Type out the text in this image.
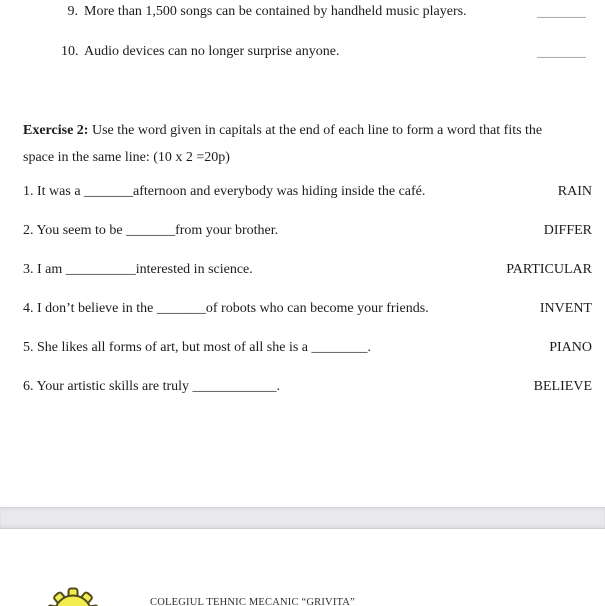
9. More than 1,500 songs can be contained by handheld music players.	_______
10. Audio devices can no longer surprise anyone.	_______
Exercise 2: Use the word given in capitals at the end of each line to form a word that fits the
space in the same line: (10 x 2 =20p)
1. It was a _______afternoon and everybody was hiding inside the café.	RAIN
2. You seem to be _______from your brother.	DIFFER
3. I am __________interested in science.	PARTICULAR
4. I don’t believe in the _______of robots who can become your friends.	INVENT
5. She likes all forms of art, but most of all she is a ________.	PIANO
6. Your artistic skills are truly ____________.	BELIEVE
COLEGIUL TEHNIC MECANIC “GRIVITA”
